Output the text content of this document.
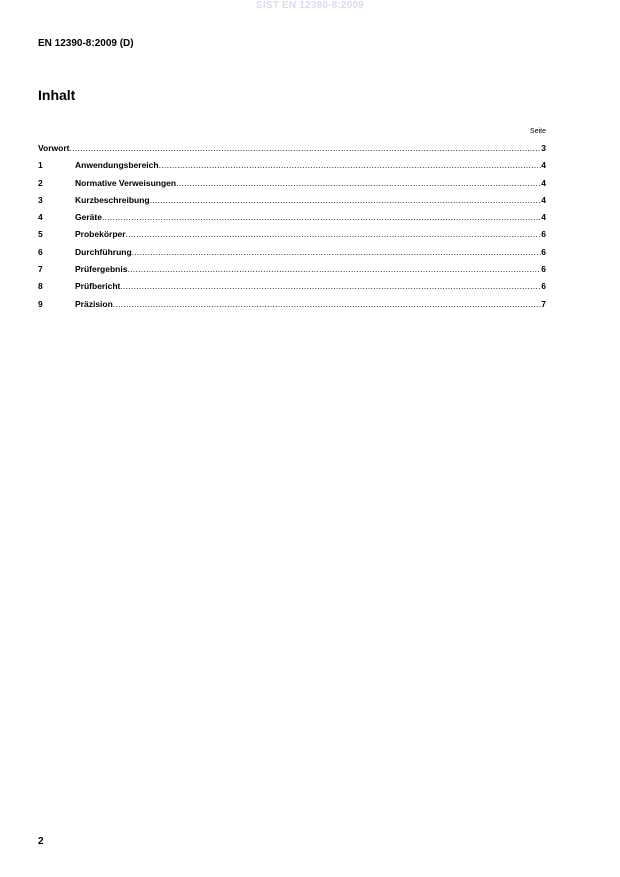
SIST EN 12390-8:2009
EN 12390-8:2009 (D)
Inhalt
Seite
Vorwort .....	3
1	Anwendungsbereich .....	4
2	Normative Verweisungen .....	4
3	Kurzbeschreibung .....	4
4	Geräte .....	4
5	Probekörper .....	6
6	Durchführung .....	6
7	Prüfergebnis .....	6
8	Prüfbericht .....	6
9	Präzision .....	7
2
